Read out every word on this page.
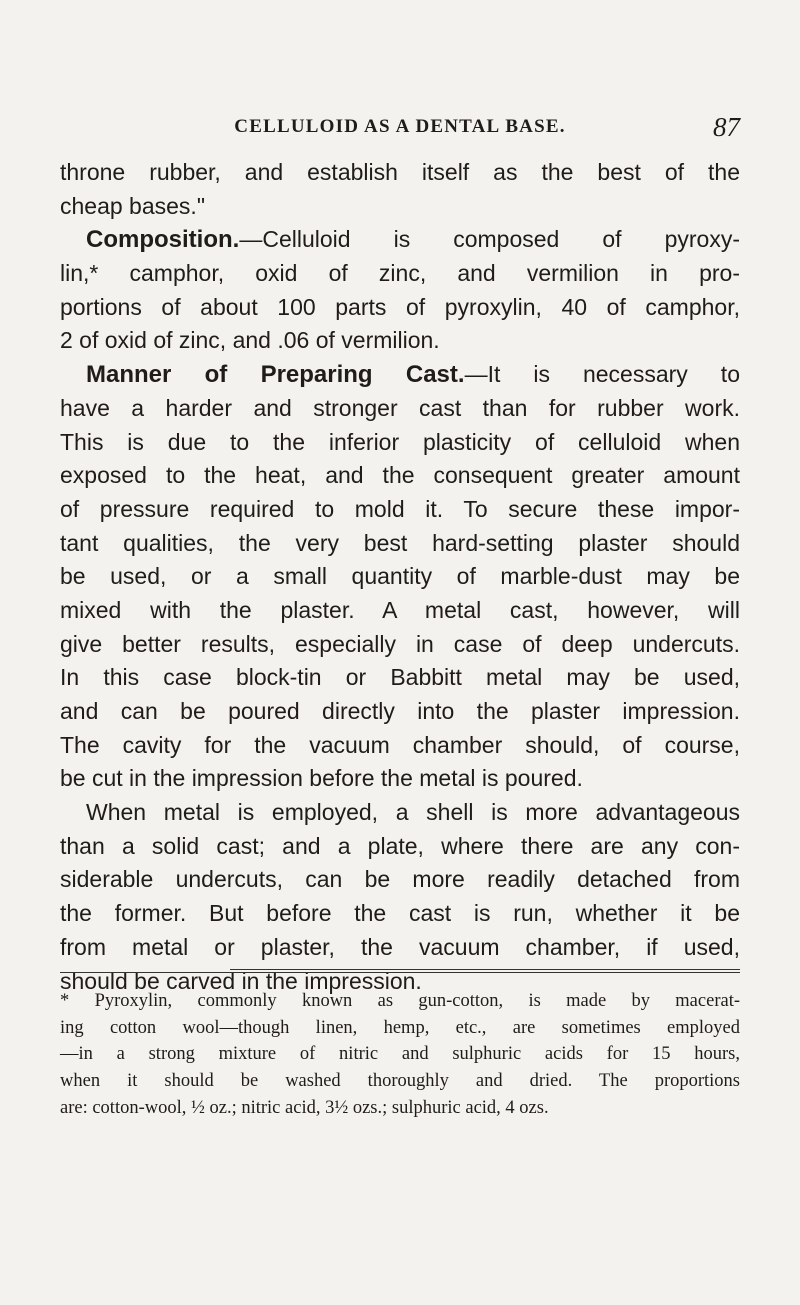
CELLULOID AS A DENTAL BASE.	87
throne rubber, and establish itself as the best of the
cheap bases."
Composition.—Celluloid is composed of pyroxy-
lin,* camphor, oxid of zinc, and vermilion in pro-
portions of about 100 parts of pyroxylin, 40 of camphor,
2 of oxid of zinc, and .06 of vermilion.
Manner of Preparing Cast.—It is necessary to
have a harder and stronger cast than for rubber work.
This is due to the inferior plasticity of celluloid when
exposed to the heat, and the consequent greater amount
of pressure required to mold it. To secure these impor-
tant qualities, the very best hard-setting plaster should
be used, or a small quantity of marble-dust may be
mixed with the plaster. A metal cast, however, will
give better results, especially in case of deep undercuts.
In this case block-tin or Babbitt metal may be used,
and can be poured directly into the plaster impression.
The cavity for the vacuum chamber should, of course,
be cut in the impression before the metal is poured.
When metal is employed, a shell is more advantageous
than a solid cast; and a plate, where there are any con-
siderable undercuts, can be more readily detached from
the former. But before the cast is run, whether it be
from metal or plaster, the vacuum chamber, if used,
should be carved in the impression.
* Pyroxylin, commonly known as gun-cotton, is made by macerat-
ing cotton wool—though linen, hemp, etc., are sometimes employed
—in a strong mixture of nitric and sulphuric acids for 15 hours,
when it should be washed thoroughly and dried. The proportions
are: cotton-wool, ½ oz.; nitric acid, 3½ ozs.; sulphuric acid, 4 ozs.
